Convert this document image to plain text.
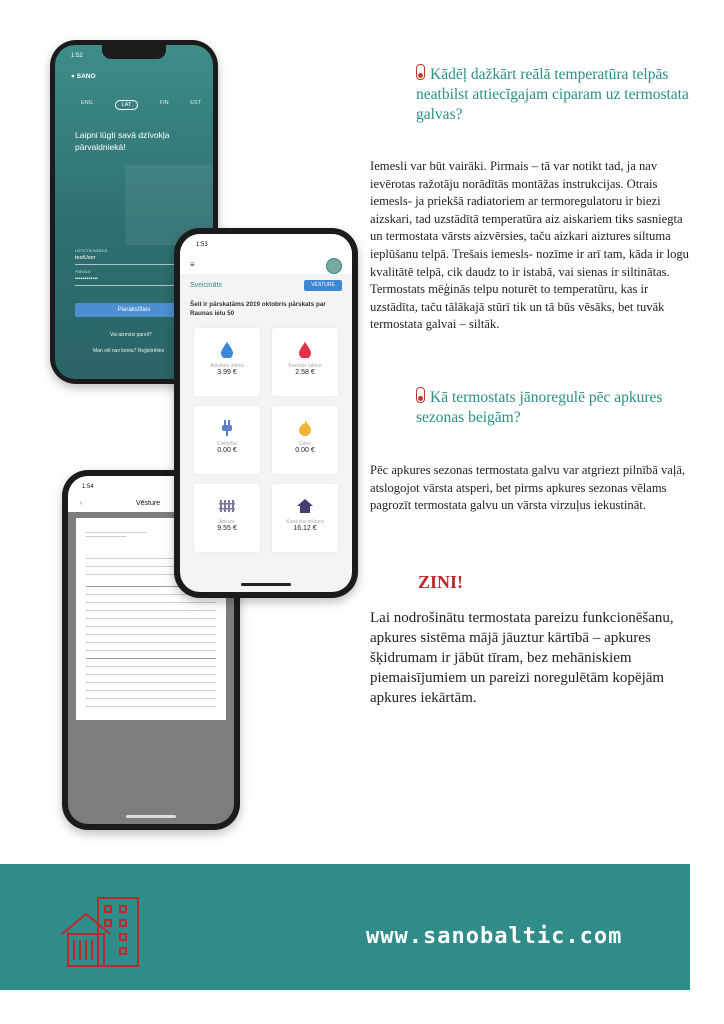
Kādēļ dažkārt reālā temperatūra telpās neatbilst attiecīgajam ciparam uz termostata galvas?
Iemesli var būt vairāki. Pirmais – tā var notikt tad, ja nav ievērotas ražotāju norādītās montāžas instrukcijas. Otrais iemesls- ja priekšā radiatoriem ar termoregulatoru ir biezi aizskari, tad uzstādītā temperatūra aiz aiskariem tiks sasniegta un termostata vārsts aizvērsies, taču aizkari aiztures siltuma ieplūšanu telpā. Trešais iemesls- nozīme ir arī tam, kāda ir logu kvalitātē telpā, cik daudz to ir istabā, vai sienas ir siltinātas. Termostats mēģinās telpu noturēt to temperatūru, kas ir uzstādīta, taču tālākajā stūrī tik un tā būs vēsāks, bet tuvāk termostata galvai – siltāk.
Kā termostats jānoregulē pēc apkures sezonas beigām?
Pēc apkures sezonas termostata galvu var atgriezt pilnībā vaļā, atslogojot vārsta atsperi, bet pirms apkures sezonas vēlams pagrozīt termostata galvu un vārsta virzuļus iekustināt.
ZINI!
Lai nodrošinātu termostata pareizu funkcionēšanu, apkures sistēma mājā jāuztur kārtībā – apkures šķidrumam ir jābūt tīram, bez mehāniskiem piemaisījumiem un pareizi noregulētām kopējām apkures iekārtām.
www.sanobaltic.com
1:52
● SANO
ENG	LAT	FIN	EST
Laipni lūgti savā dzīvokļa pārvaldniekā!
LIETOTĀJVĀRDS
testUser
PAROLE
••••••••••••
Pierakstīties
Vai aizmirsi paroli?
Man vēl nav konta? Reģistrēties
1:54
‹	Vēsture
1:53
≡
Sveicināts	VĒSTURE
Šeit ir pārskatāms 2019 oktobris pārskats par Raunas ielu 50
Aukstais ūdens
3.99 €
Karstais ūdens
2.58 €
Elektrība
0.00 €
Gāze
0.00 €
Apkure
9.55 €
Kopā par mēnesi
16.12 €
